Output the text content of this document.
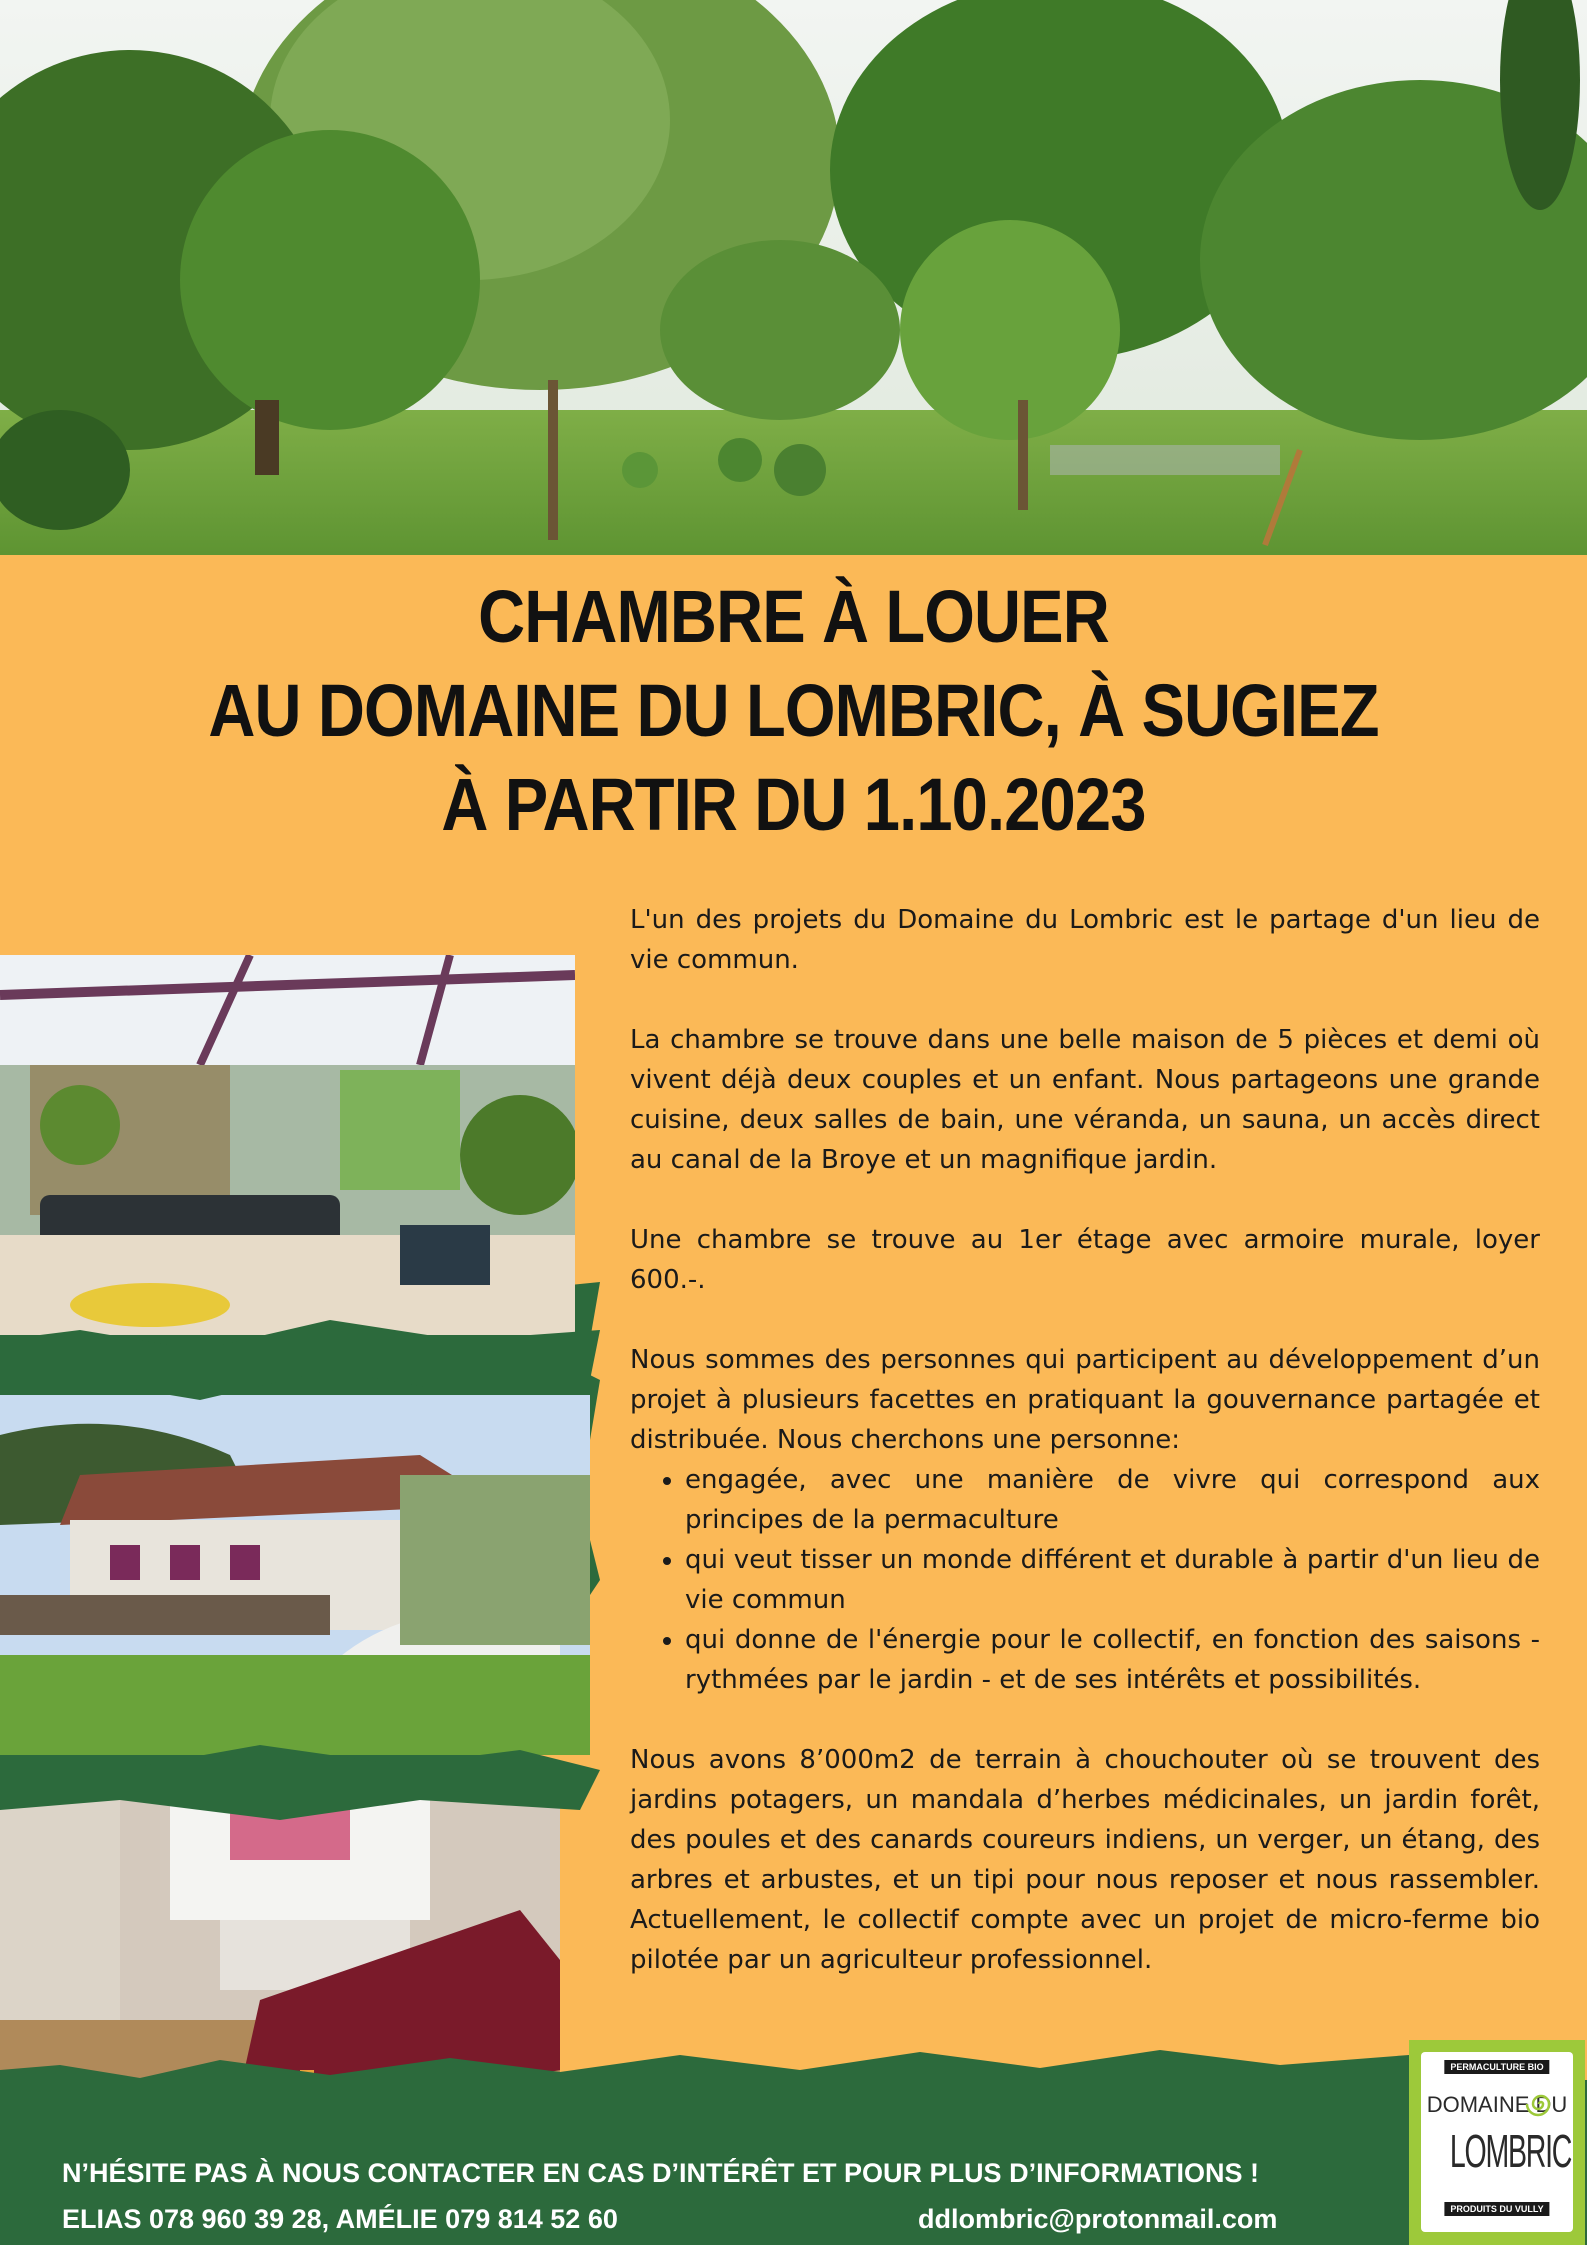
CHAMBRE À LOUER
AU DOMAINE DU LOMBRIC, À SUGIEZ
À PARTIR DU 1.10.2023

L'un des projets du Domaine du Lombric est le partage d'un lieu de vie commun.

La chambre se trouve dans une belle maison de 5 pièces et demi où vivent déjà deux couples et un enfant. Nous partageons une grande cuisine, deux salles de bain, une véranda, un sauna, un accès direct au canal de la Broye et un magnifique jardin.

Une chambre se trouve au 1er étage avec armoire murale, loyer 600.-.

Nous sommes des personnes qui participent au développement d’un projet à plusieurs facettes en pratiquant la gouvernance partagée et distribuée. Nous cherchons une personne:

• engagée, avec une manière de vivre qui correspond aux principes de la permaculture
• qui veut tisser un monde différent et durable à partir d'un lieu de vie commun
• qui donne de l'énergie pour le collectif, en fonction des saisons - rythmées par le jardin - et de ses intérêts et possibilités.

Nous avons 8’000m2 de terrain à chouchouter où se trouvent des jardins potagers, un mandala d’herbes médicinales, un jardin forêt, des poules et des canards coureurs indiens, un verger, un étang, des arbres et arbustes, et un tipi pour nous reposer et nous rassembler. Actuellement, le collectif compte avec un projet de micro-ferme bio pilotée par un agriculteur professionnel.

N’HÉSITE PAS À NOUS CONTACTER EN CAS D’INTÉRÊT ET POUR PLUS D’INFORMATIONS !
ELIAS 078 960 39 28, AMÉLIE 079 814 52 60	ddlombric@protonmail.com
PERMACULTURE BIO
DOMAINE DU
LOMBRIC
PRODUITS DU VULLY
